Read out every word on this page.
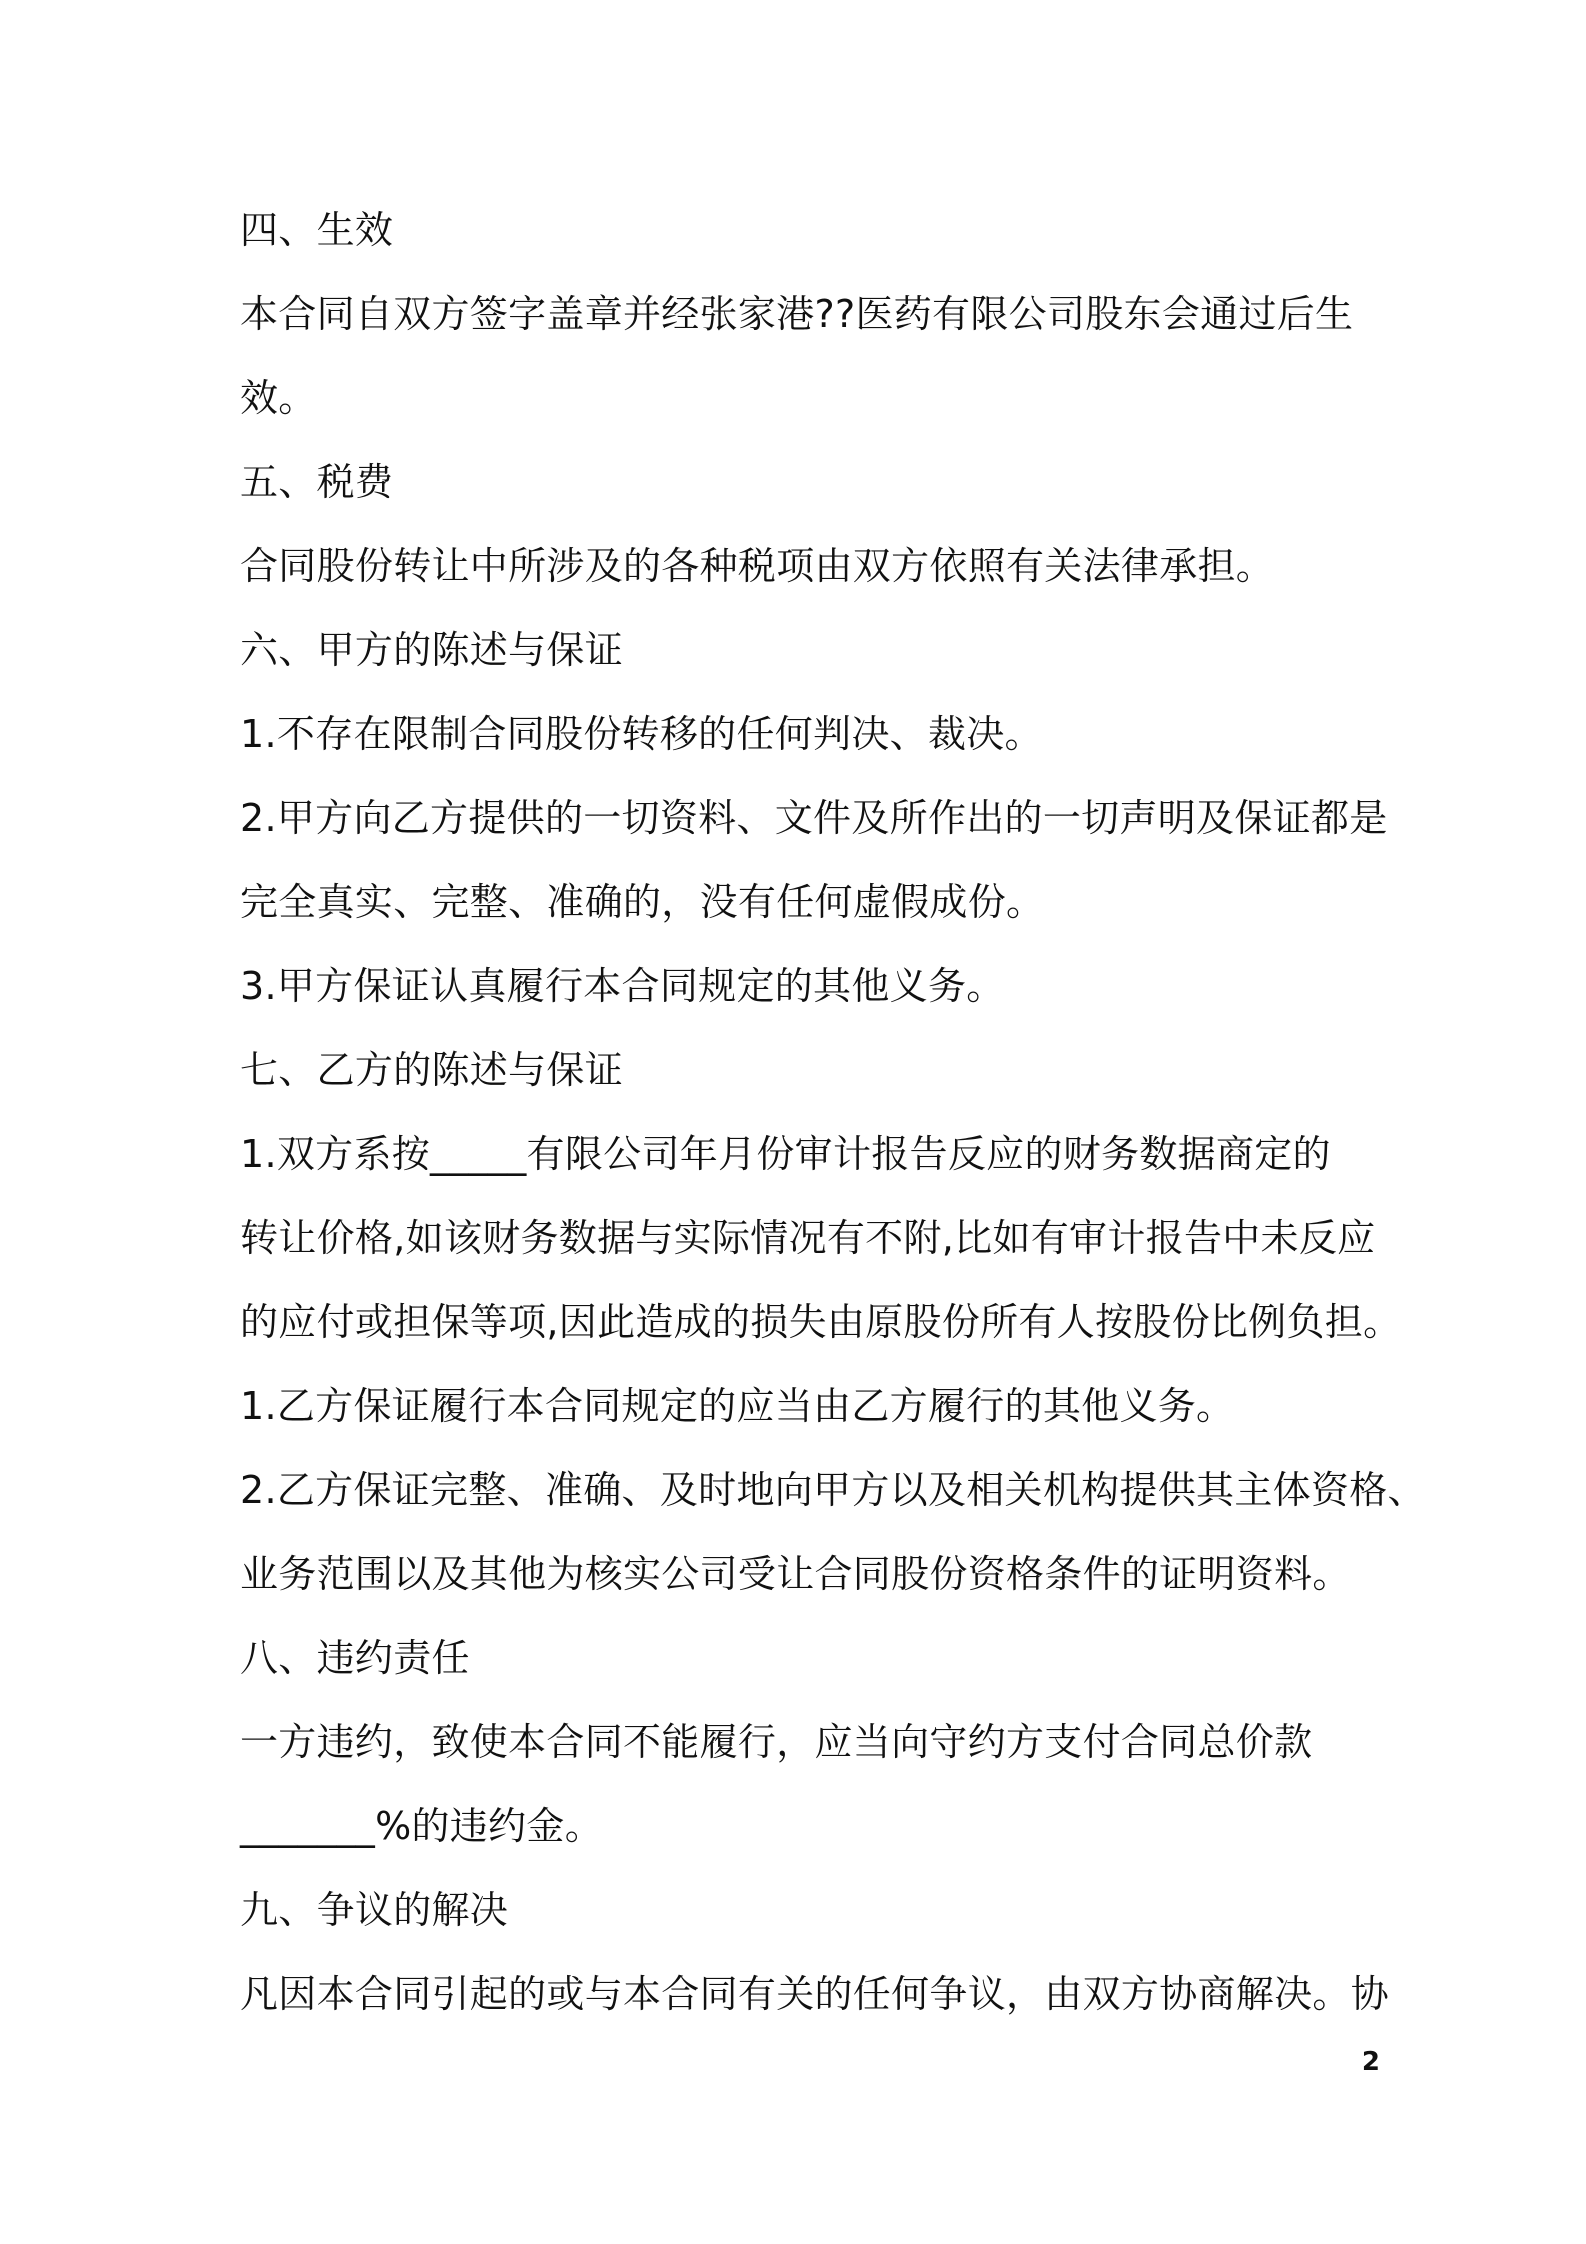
四、生效

本合同自双方签字盖章并经张家港??医药有限公司股东会通过后生

效。

五、税费

合同股份转让中所涉及的各种税项由双方依照有关法律承担。

六、甲方的陈述与保证

1.不存在限制合同股份转移的任何判决、裁决。

2.甲方向乙方提供的一切资料、文件及所作出的一切声明及保证都是

完全真实、完整、准确的，没有任何虚假成份。

3.甲方保证认真履行本合同规定的其他义务。

七、乙方的陈述与保证

1.双方系按_____有限公司年月份审计报告反应的财务数据商定的

转让价格,如该财务数据与实际情况有不附,比如有审计报告中未反应

的应付或担保等项,因此造成的损失由原股份所有人按股份比例负担。

1.乙方保证履行本合同规定的应当由乙方履行的其他义务。

2.乙方保证完整、准确、及时地向甲方以及相关机构提供其主体资格、

业务范围以及其他为核实公司受让合同股份资格条件的证明资料。

八、违约责任

一方违约，致使本合同不能履行，应当向守约方支付合同总价款

_______%的违约金。

九、争议的解决

凡因本合同引起的或与本合同有关的任何争议，由双方协商解决。协

2
